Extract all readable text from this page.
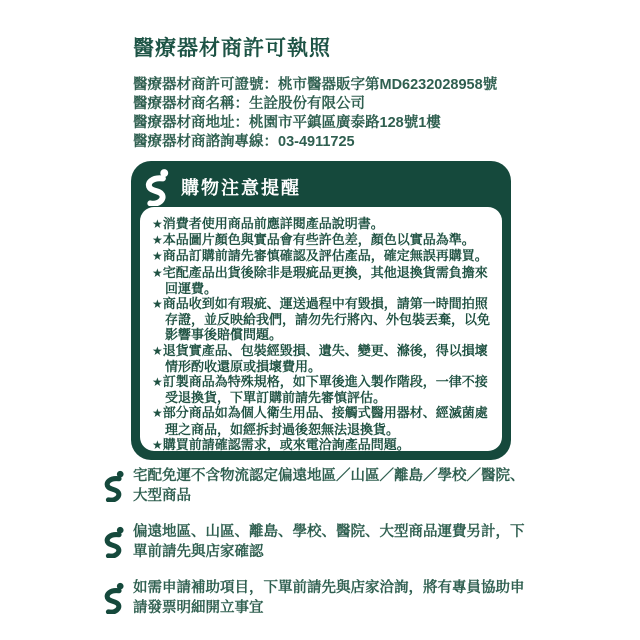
醫療器材商許可執照
醫療器材商許可證號：桃市醫器販字第MD6232028958號
醫療器材商名稱：生詮股份有限公司
醫療器材商地址：桃園市平鎮區廣泰路128號1樓
醫療器材商諮詢專線：03-4911725
購物注意提醒
★消費者使用商品前應詳閱產品說明書。
★本品圖片顏色與實品會有些許色差，顏色以實品為準。
★商品訂購前請先審慎確認及評估產品，確定無誤再購買。
★宅配產品出貨後除非是瑕疵品更換，其他退換貨需負擔來回運費。
★商品收到如有瑕疵、運送過程中有毀損，請第一時間拍照存證，並反映給我們，請勿先行將內、外包裝丟棄，以免影響事後賠償問題。
★退貨實產品、包裝經毀損、遺失、變更、滌後，得以損壞情形酌收還原或損壞費用。
★訂製商品為特殊規格，如下單後進入製作階段，一律不接受退換貨，下單訂購前請先審慎評估。
★部分商品如為個人衛生用品、接觸式醫用器材、經滅菌處理之商品，如經拆封過後恕無法退換貨。
★購買前請確認需求，或來電洽詢產品問題。
宅配免運不含物流認定偏遠地區／山區／離島／學校／醫院、大型商品
偏遠地區、山區、離島、學校、醫院、大型商品運費另計，下單前請先與店家確認
如需申請補助項目，下單前請先與店家洽詢，將有專員協助申請發票明細開立事宜
